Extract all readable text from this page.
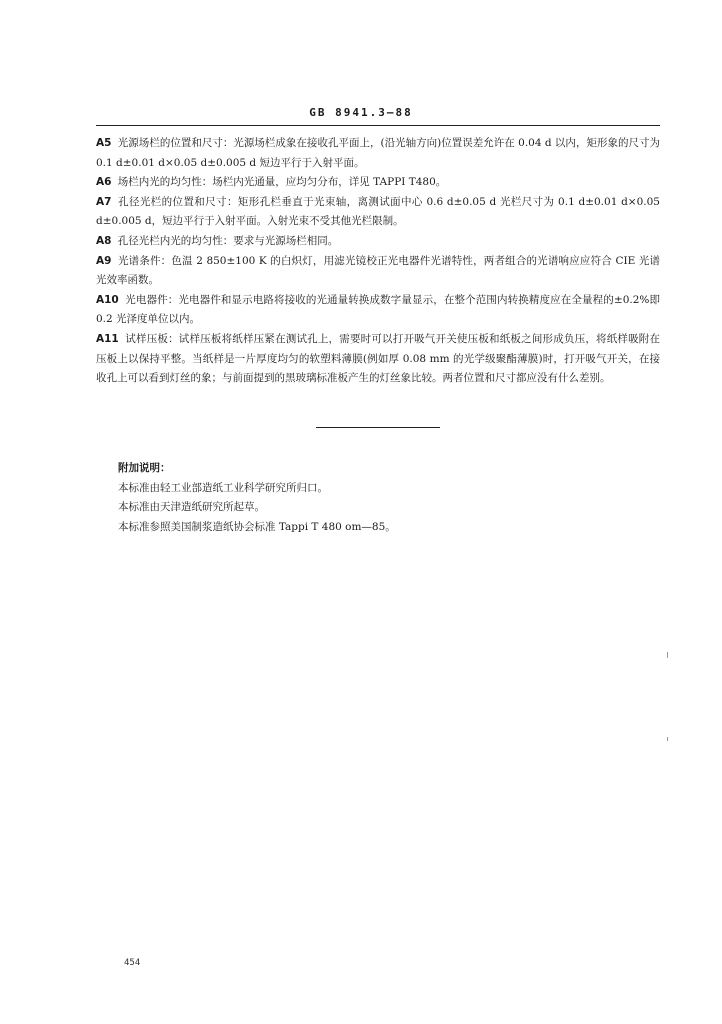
GB 8941.3—88

A5 光源场栏的位置和尺寸：光源场栏成象在接收孔平面上，(沿光轴方向)位置误差允许在 0.04 d 以内，矩形象的尺寸为 0.1 d±0.01 d×0.05 d±0.005 d 短边平行于入射平面。

A6 场栏内光的均匀性：场栏内光通量，应均匀分布，详见 TAPPI T480。

A7 孔径光栏的位置和尺寸：矩形孔栏垂直于光束轴，离测试面中心 0.6 d±0.05 d 光栏尺寸为 0.1 d±0.01 d×0.05 d±0.005 d，短边平行于入射平面。入射光束不受其他光栏限制。

A8 孔径光栏内光的均匀性：要求与光源场栏相同。

A9 光谱条件：色温 2 850±100 K 的白炽灯，用滤光镜校正光电器件光谱特性，两者组合的光谱响应应符合 CIE 光谱光效率函数。

A10 光电器件：光电器件和显示电路将接收的光通量转换成数字量显示，在整个范围内转换精度应在全量程的±0.2%即 0.2 光泽度单位以内。

A11 试样压板：试样压板将纸样压紧在测试孔上，需要时可以打开吸气开关使压板和纸板之间形成负压，将纸样吸附在压板上以保持平整。当纸样是一片厚度均匀的软塑料薄膜(例如厚 0.08 mm 的光学级聚酯薄膜)时，打开吸气开关，在接收孔上可以看到灯丝的象；与前面提到的黑玻璃标准板产生的灯丝象比较。两者位置和尺寸都应没有什么差别。

附加说明：

本标准由轻工业部造纸工业科学研究所归口。

本标准由天津造纸研究所起草。

本标准参照美国制浆造纸协会标准 Tappi T 480 om—85。

454
